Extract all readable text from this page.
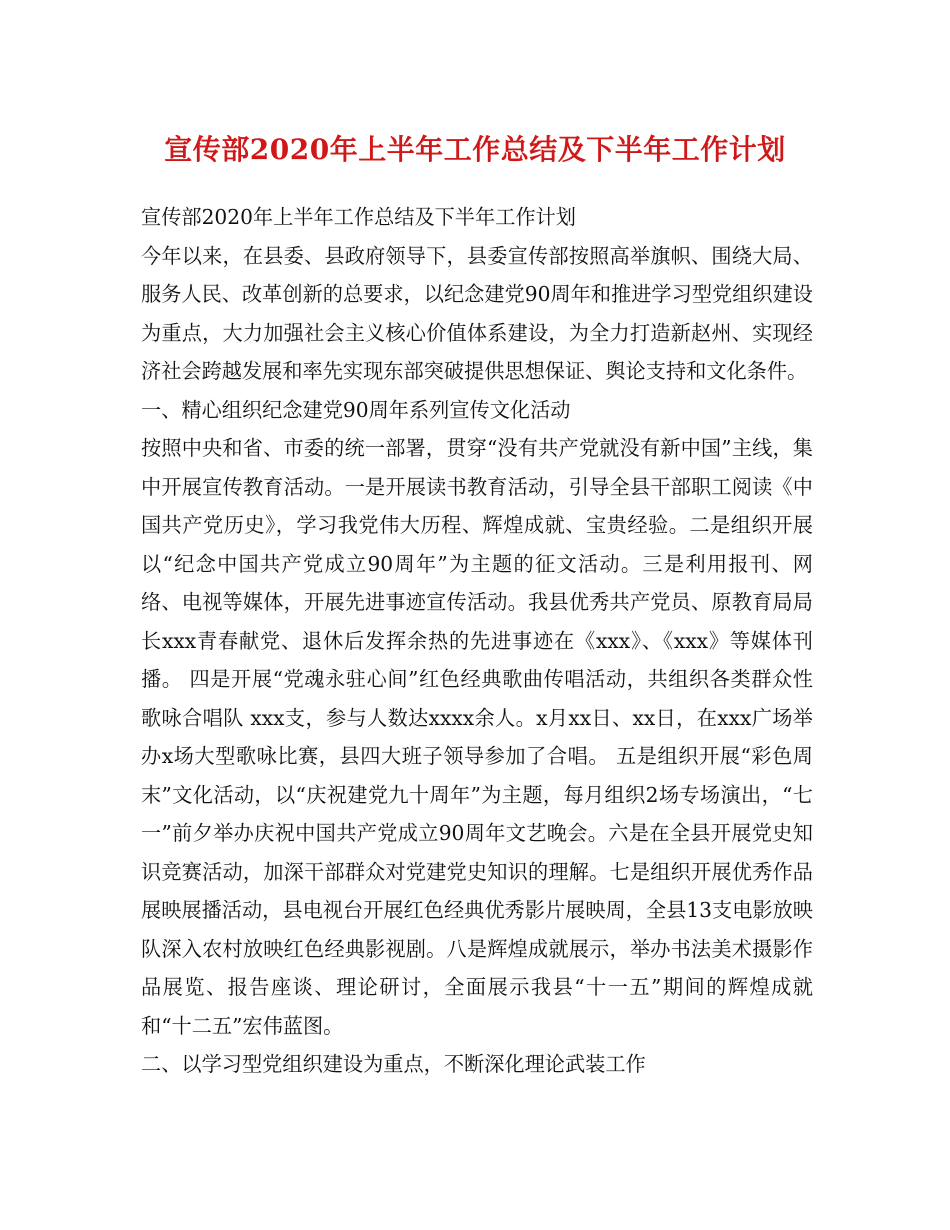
宣传部2020年上半年工作总结及下半年工作计划

宣传部2020年上半年工作总结及下半年工作计划

今年以来，在县委、县政府领导下，县委宣传部按照高举旗帜、围绕大局、服务人民、改革创新的总要求，以纪念建党90周年和推进学习型党组织建设为重点，大力加强社会主义核心价值体系建设，为全力打造新赵州、实现经济社会跨越发展和率先实现东部突破提供思想保证、舆论支持和文化条件。

一、精心组织纪念建党90周年系列宣传文化活动

按照中央和省、市委的统一部署，贯穿“没有共产党就没有新中国”主线，集中开展宣传教育活动。一是开展读书教育活动，引导全县干部职工阅读《中国共产党历史》，学习我党伟大历程、辉煌成就、宝贵经验。二是组织开展以“纪念中国共产党成立90周年”为主题的征文活动。三是利用报刊、网络、电视等媒体，开展先进事迹宣传活动。我县优秀共产党员、原教育局局长xxx青春献党、退休后发挥余热的先进事迹在《xxx》、《xxx》等媒体刊播。 四是开展“党魂永驻心间”红色经典歌曲传唱活动，共组织各类群众性歌咏合唱队 xxx支，参与人数达xxxx余人。x月xx日、xx日，在xxx广场举办x场大型歌咏比赛，县四大班子领导参加了合唱。 五是组织开展“彩色周末”文化活动，以“庆祝建党九十周年”为主题，每月组织2场专场演出，“七一”前夕举办庆祝中国共产党成立90周年文艺晚会。六是在全县开展党史知识竞赛活动，加深干部群众对党建党史知识的理解。七是组织开展优秀作品展映展播活动，县电视台开展红色经典优秀影片展映周，全县13支电影放映队深入农村放映红色经典影视剧。八是辉煌成就展示，举办书法美术摄影作品展览、报告座谈、理论研讨，全面展示我县“十一五”期间的辉煌成就和“十二五”宏伟蓝图。

二、以学习型党组织建设为重点，不断深化理论武装工作
